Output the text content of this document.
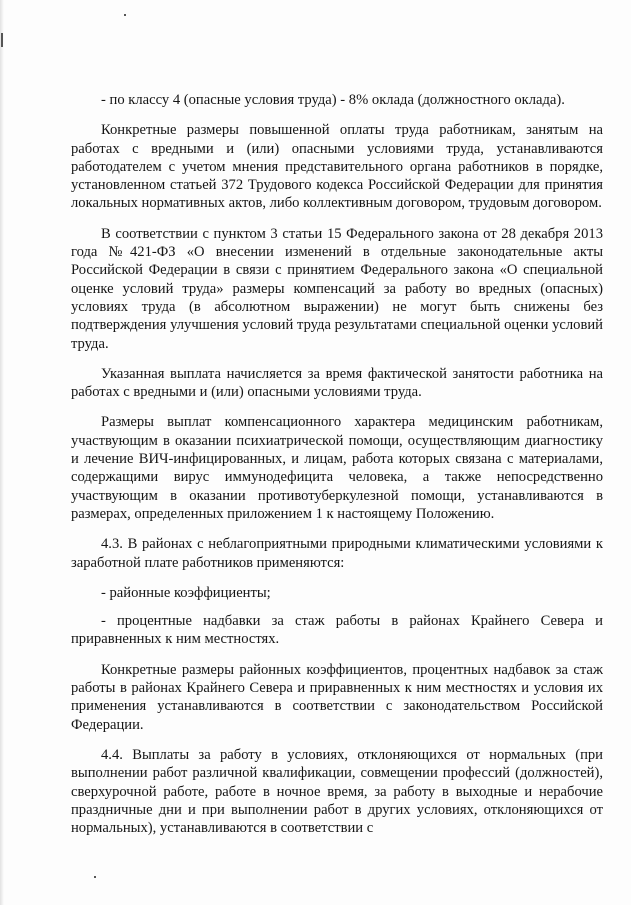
- по классу 4 (опасные условия труда) - 8% оклада (должностного оклада).

Конкретные размеры повышенной оплаты труда работникам, занятым на работах с вредными и (или) опасными условиями труда, устанавливаются работодателем с учетом мнения представительного органа работников в порядке, установленном статьей 372 Трудового кодекса Российской Федерации для принятия локальных нормативных актов, либо коллективным договором, трудовым договором.

В соответствии с пунктом 3 статьи 15 Федерального закона от 28 декабря 2013 года №421-ФЗ «О внесении изменений в отдельные законодательные акты Российской Федерации в связи с принятием Федерального закона «О специальной оценке условий труда» размеры компенсаций за работу во вредных (опасных) условиях труда (в абсолютном выражении) не могут быть снижены без подтверждения улучшения условий труда результатами специальной оценки условий труда.

Указанная выплата начисляется за время фактической занятости работника на работах с вредными и (или) опасными условиями труда.

Размеры выплат компенсационного характера медицинским работникам, участвующим в оказании психиатрической помощи, осуществляющим диагностику и лечение ВИЧ-инфицированных, и лицам, работа которых связана с материалами, содержащими вирус иммунодефицита человека, а также непосредственно участвующим в оказании противотуберкулезной помощи, устанавливаются в размерах, определенных приложением 1 к настоящему Положению.

4.3. В районах с неблагоприятными природными климатическими условиями к заработной плате работников применяются:

- районные коэффициенты;

- процентные надбавки за стаж работы в районах Крайнего Севера и приравненных к ним местностях.

Конкретные размеры районных коэффициентов, процентных надбавок за стаж работы в районах Крайнего Севера и приравненных к ним местностях и условия их применения устанавливаются в соответствии с законодательством Российской Федерации.

4.4. Выплаты за работу в условиях, отклоняющихся от нормальных (при выполнении работ различной квалификации, совмещении профессий (должностей), сверхурочной работе, работе в ночное время, за работу в выходные и нерабочие праздничные дни и при выполнении работ в других условиях, отклоняющихся от нормальных), устанавливаются в соответствии с
